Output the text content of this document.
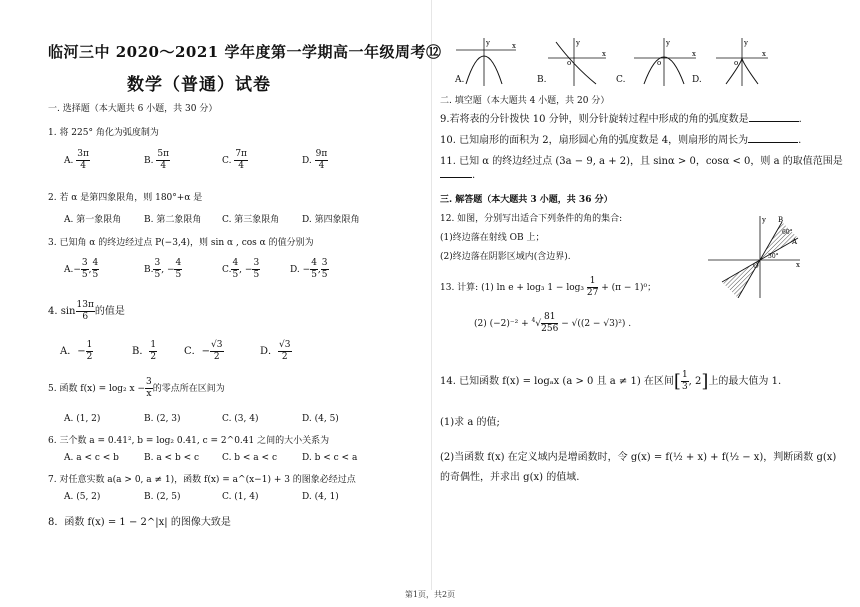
临河三中 2020～2021 学年度第一学期高一年级周考⑫
数学（普通）试卷
一. 选择题（本大题共 6 小题，共 30 分）
1. 将 225° 角化为弧度制为
A. $\frac{3\pi}{4}$	B. $\frac{5\pi}{4}$	C. $\frac{7\pi}{4}$	D. $\frac{9\pi}{4}$
2. 若 α 是第四象限角，则 180°+α 是
A. 第一象限角	B. 第二象限角 C. 第三象限角	D. 第四象限角
3. 已知角 α 的终边经过点 P(−3,4)，则 sin α , cos α 的值分别为
$A.- \frac{3}{5}$ , $\frac{4}{5}$	B. $\frac{3}{5}$ , − $\frac{4}{5}$	C. $\frac{4}{5}$ , − $\frac{3}{5}$	D. − $\frac{4}{5}$ , $\frac{3}{5}$
4. $\sin \frac{13\pi}{6}$ 的值是
A．− $\frac{1}{2}$	B． $\frac{1}{2}$	C．− $\frac{√3}{2}$	D． $\frac{√3}{2}$
5. 函数 f(x) = log₂ $x - \frac{3}{x}$ 的零点所在区间为
A. (1, 2)	B. (2, 3)	C. (3, 4)	D. (4, 5)
6. 三个数 a = 0.41², b = log₂ 0.41, c = 2^0.41 之间的大小关系为
A. a < c < b	B. a < b < c	C. b < a < c	D. b < c < a
7. 对任意实数 a(a > 0, a ≠ 1)，函数 f(x) = a^(x−1) + 3 的图象必经过点
A. (5, 2)	B. (2, 5)	C. (1, 4)	D. (4, 1)
8．函数 f(x) = 1 − 2^|x| 的图像大致是
y	x	y
o
x
y
o
x
y
o
x
A.	B.	C.	D.
二. 填空题（本大题共 4 小题，共 20 分）
9.若将表的分针拨快 10 分钟，则分针旋转过程中形成的角的弧度数是	.
10. 已知扇形的面积为 2，扇形圆心角的弧度数是 4，则扇形的周长为	.
11. 已知 α 的终边经过点 (3a − 9, a + 2)，且 sinα > 0，cosα < 0，则 a 的取值范围是
.
三. 解答题（本大题共 3 小题，共 36 分）
12. 如图，分别写出适合下列条件的角的集合:
(1)终边落在射线 OB 上；
(2)终边落在阴影区域内(含边界).
y
x
O
A
B
60°
30°
13. 计算: (1) ln e + log₃ $1 - \log_3 \frac{1}{27} + (\pi - 1)^0$；
(2) $(-2)^{-2} + ^4√ \frac{81}{256} - √((2 - √3)^2)$ .
14. 已知函数 f(x) = logₐx (a > 0 且 a ≠ 1) 在区间[ $\frac{1}{3}$ , 2]上的最大值为 1.
(1)求 a 的值;
(2)当函数 f(x) 在定义域内是增函数时，令 g(x) = f(½ + x) + f(½ − x)，判断函数 g(x)
的奇偶性，并求出 g(x) 的值域.
第1页，共2页
